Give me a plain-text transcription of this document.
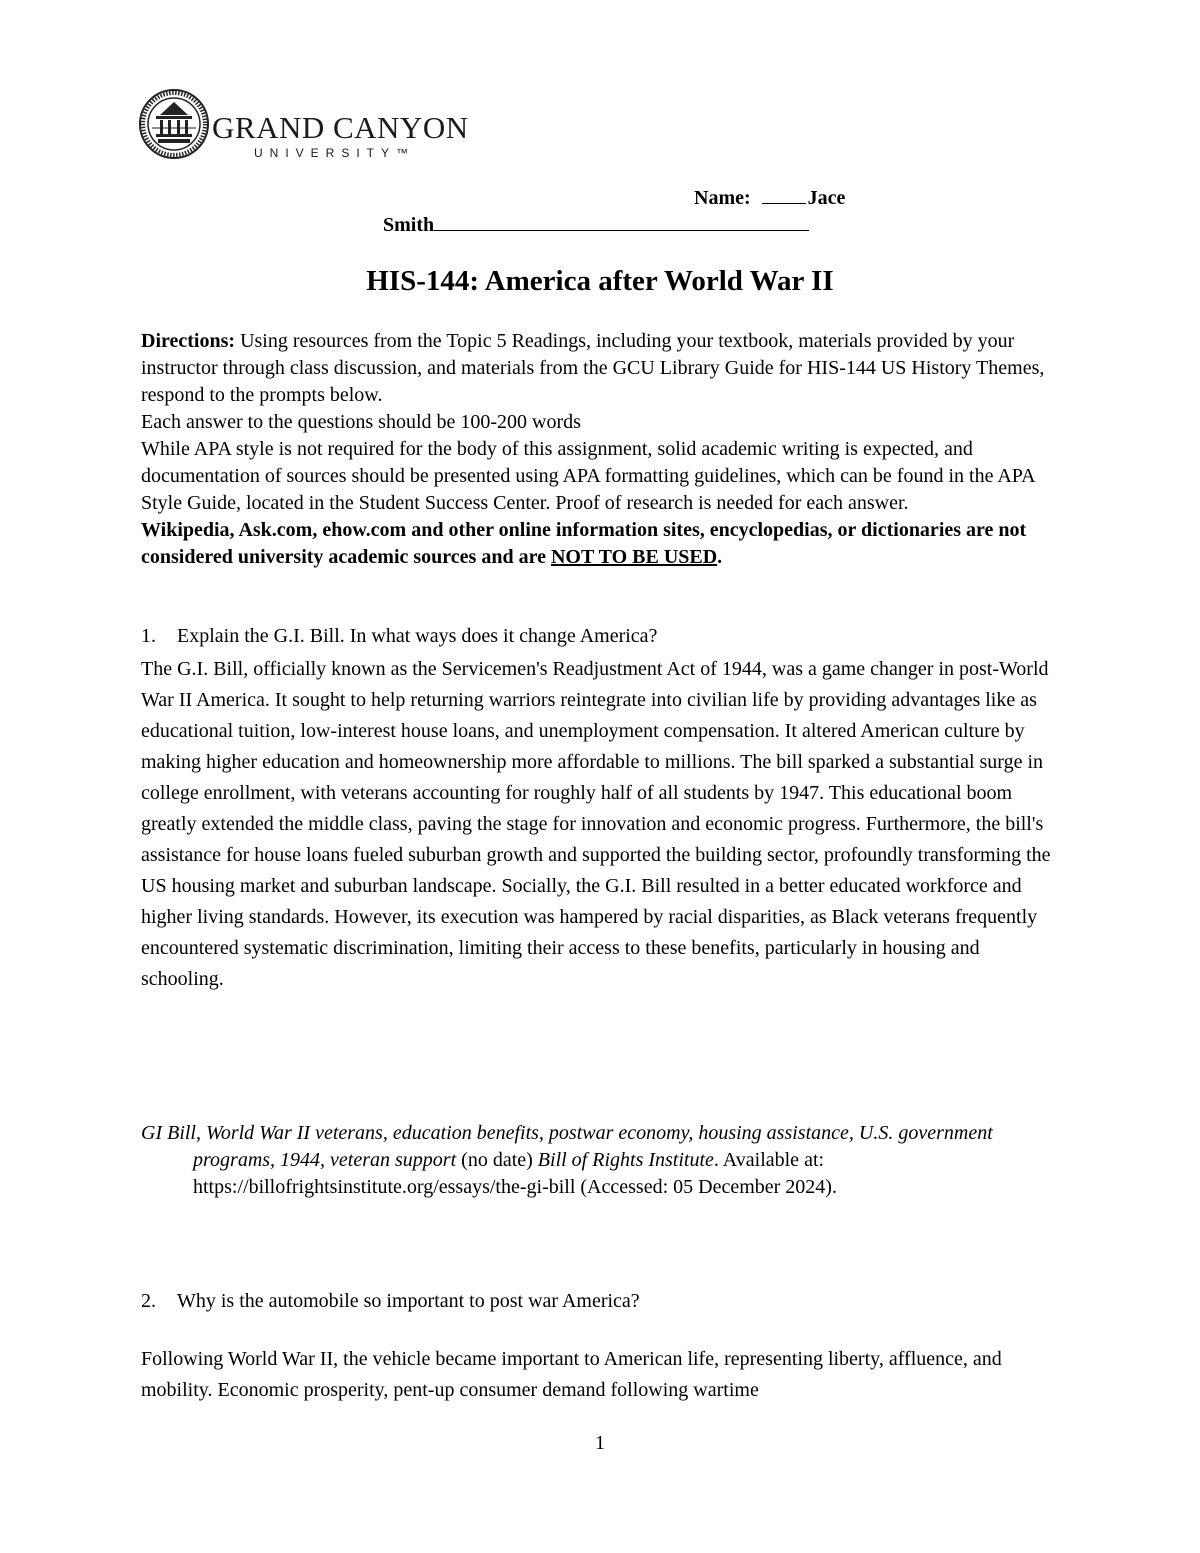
GRAND CANYON
UNIVERSITY™
Name:	Jace
Smith
HIS-144: America after World War II

Directions: Using resources from the Topic 5 Readings, including your textbook, materials provided by your instructor through class discussion, and materials from the GCU Library Guide for HIS-144 US History Themes, respond to the prompts below.

Each answer to the questions should be 100-200 words

While APA style is not required for the body of this assignment, solid academic writing is expected, and documentation of sources should be presented using APA formatting guidelines, which can be found in the APA Style Guide, located in the Student Success Center. Proof of research is needed for each answer.

Wikipedia, Ask.com, ehow.com and other online information sites, encyclopedias, or dictionaries are not considered university academic sources and are NOT TO BE USED.

1. Explain the G.I. Bill. In what ways does it change America?
The G.I. Bill, officially known as the Servicemen's Readjustment Act of 1944, was a game changer in post-World War II America. It sought to help returning warriors reintegrate into civilian life by providing advantages like as educational tuition, low-interest house loans, and unemployment compensation. It altered American culture by making higher education and homeownership more affordable to millions. The bill sparked a substantial surge in college enrollment, with veterans accounting for roughly half of all students by 1947. This educational boom greatly extended the middle class, paving the stage for innovation and economic progress. Furthermore, the bill's assistance for house loans fueled suburban growth and supported the building sector, profoundly transforming the US housing market and suburban landscape. Socially, the G.I. Bill resulted in a better educated workforce and higher living standards. However, its execution was hampered by racial disparities, as Black veterans frequently encountered systematic discrimination, limiting their access to these benefits, particularly in housing and schooling.
GI Bill, World War II veterans, education benefits, postwar economy, housing assistance, U.S. government programs, 1944, veteran support (no date) Bill of Rights Institute. Available at: https://billofrightsinstitute.org/essays/the-gi-bill (Accessed: 05 December 2024).
2. Why is the automobile so important to post war America?
Following World War II, the vehicle became important to American life, representing liberty, affluence, and mobility. Economic prosperity, pent-up consumer demand following wartime
1
